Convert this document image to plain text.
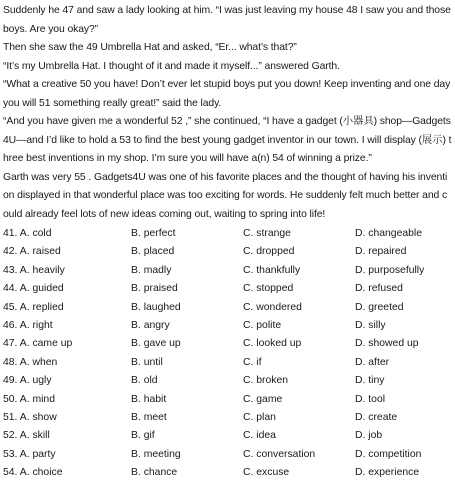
Suddenly he 47 and saw a lady looking at him. “I was just leaving my house 48 I saw you and those boys. Are you okay?”

Then she saw the 49 Umbrella Hat and asked, “Er... what’s that?”

“It’s my Umbrella Hat. I thought of it and made it myself...” answered Garth.

“What a creative 50 you have! Don’t ever let stupid boys put you down! Keep inventing and one day you will 51 something really great!” said the lady.

“And you have given me a wonderful 52 ,” she continued, “I have a gadget (小器具) shop—Gadgets4U—and I’d like to hold a 53 to find the best young gadget inventor in our town. I will display (展示) three best inventions in my shop. I’m sure you will have a(n) 54 of winning a prize.”

Garth was very 55 . Gadgets4U was one of his favorite places and the thought of having his invention displayed in that wonderful place was too exciting for words. He suddenly felt much better and could already feel lots of new ideas coming out, waiting to spring into life!

41. A. cold	B. perfect	C. strange	D. changeable
42. A. raised	B. placed	C. dropped	D. repaired
43. A. heavily	B. madly	C. thankfully	D. purposefully
44. A. guided	B. praised	C. stopped	D. refused
45. A. replied	B. laughed	C. wondered	D. greeted
46. A. right	B. angry	C. polite	D. silly
47. A. came up	B. gave up	C. looked up	D. showed up
48. A. when	B. until	C. if	D. after
49. A. ugly	B. old	C. broken	D. tiny
50. A. mind	B. habit	C. game	D. tool
51. A. show	B. meet	C. plan	D. create
52. A. skill	B. gif	C. idea	D. job
53. A. party	B. meeting	C. conversation	D. competition
54. A. choice	B. chance	C. excuse	D. experience
